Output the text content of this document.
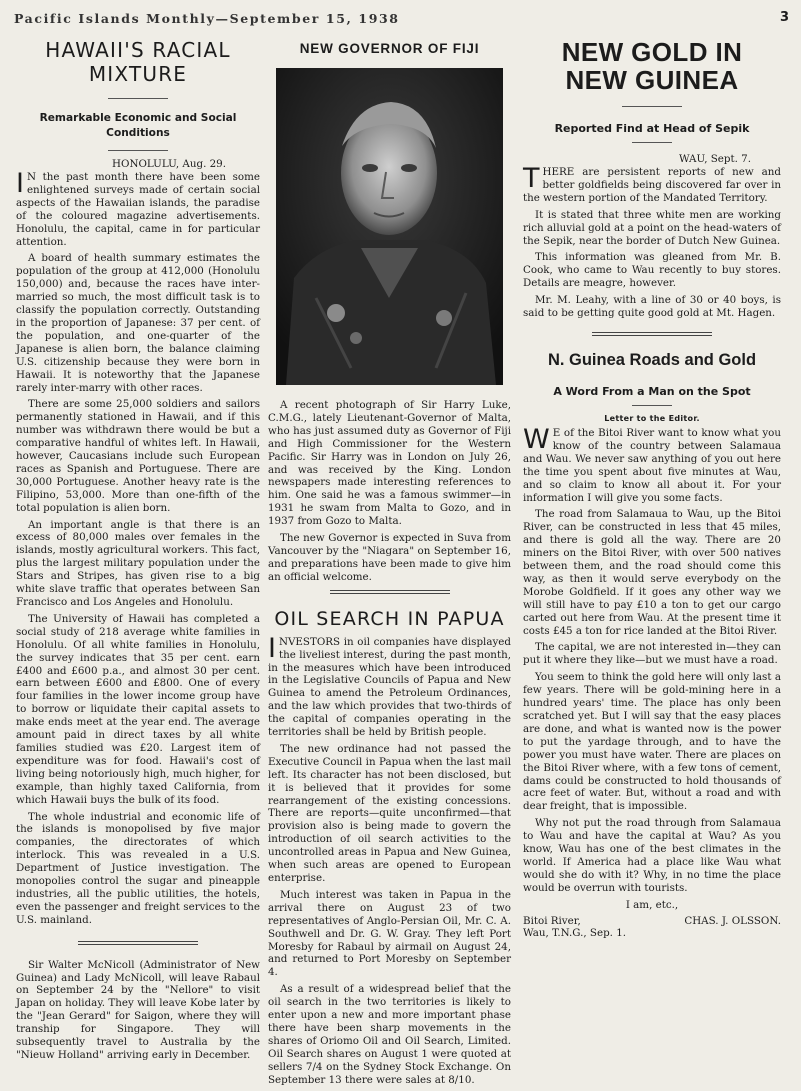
Pacific Islands Monthly—September 15, 1938	3
HAWAII'S RACIAL MIXTURE
Remarkable Economic and Social Conditions
HONOLULU, Aug. 29.

I N the past month there have been some enlightened surveys made of certain social aspects of the Hawaiian islands, the paradise of the coloured magazine advertisements. Honolulu, the capital, came in for particular attention.

A board of health summary estimates the population of the group at 412,000 (Honolulu 150,000) and, because the races have inter-married so much, the most difficult task is to classify the population correctly. Outstanding in the proportion of Japanese: 37 per cent. of the population, and one-quarter of the Japanese is alien born, the balance claiming U.S. citizenship because they were born in Hawaii. It is noteworthy that the Japanese rarely inter-marry with other races.

There are some 25,000 soldiers and sailors permanently stationed in Hawaii, and if this number was withdrawn there would be but a comparative handful of whites left. In Hawaii, however, Caucasians include such European races as Spanish and Portuguese. There are 30,000 Portuguese. Another heavy rate is the Filipino, 53,000. More than one-fifth of the total population is alien born.

An important angle is that there is an excess of 80,000 males over females in the islands, mostly agricultural workers. This fact, plus the largest military population under the Stars and Stripes, has given rise to a big white slave traffic that operates between San Francisco and Los Angeles and Honolulu.

The University of Hawaii has completed a social study of 218 average white families in Honolulu. Of all white families in Honolulu, the survey indicates that 35 per cent. earn £400 and £600 p.a., and almost 30 per cent. earn between £600 and £800. One of every four families in the lower income group have to borrow or liquidate their capital assets to make ends meet at the year end. The average amount paid in direct taxes by all white families studied was £20. Largest item of expenditure was for food. Hawaii's cost of living being notoriously high, much higher, for example, than highly taxed California, from which Hawaii buys the bulk of its food.

The whole industrial and economic life of the islands is monopolised by five major companies, the directorates of which interlock. This was revealed in a U.S. Department of Justice investigation. The monopolies control the sugar and pineapple industries, all the public utilities, the hotels, even the passenger and freight services to the U.S. mainland.

Sir Walter McNicoll (Administrator of New Guinea) and Lady McNicoll, will leave Rabaul on September 24 by the "Nellore" to visit Japan on holiday. They will leave Kobe later by the "Jean Gerard" for Saigon, where they will tranship for Singapore. They will subsequently travel to Australia by the "Nieuw Holland" arriving early in December.

NEW GOVERNOR OF FIJI

A recent photograph of Sir Harry Luke, C.M.G., lately Lieutenant-Governor of Malta, who has just assumed duty as Governor of Fiji and High Commissioner for the Western Pacific. Sir Harry was in London on July 26, and was received by the King. London newspapers made interesting references to him. One said he was a famous swimmer—in 1931 he swam from Malta to Gozo, and in 1937 from Gozo to Malta.

The new Governor is expected in Suva from Vancouver by the "Niagara" on September 16, and preparations have been made to give him an official welcome.

OIL SEARCH IN PAPUA

INVESTORS in oil companies have displayed the liveliest interest, during the past month, in the measures which have been introduced in the Legislative Councils of Papua and New Guinea to amend the Petroleum Ordinances, and the law which provides that two-thirds of the capital of companies operating in the territories shall be held by British people.

The new ordinance had not passed the Executive Council in Papua when the last mail left. Its character has not been disclosed, but it is believed that it provides for some rearrangement of the existing concessions. There are reports—quite unconfirmed—that provision also is being made to govern the introduction of oil search activities to the uncontrolled areas in Papua and New Guinea, when such areas are opened to European enterprise.

Much interest was taken in Papua in the arrival there on August 23 of two representatives of Anglo-Persian Oil, Mr. C. A. Southwell and Dr. G. W. Gray. They left Port Moresby for Rabaul by airmail on August 24, and returned to Port Moresby on September 4.

As a result of a widespread belief that the oil search in the two territories is likely to enter upon a new and more important phase there have been sharp movements in the shares of Oriomo Oil and Oil Search, Limited. Oil Search shares on August 1 were quoted at sellers 7/4 on the Sydney Stock Exchange. On September 13 there were sales at 8/10.

NEW GOLD IN NEW GUINEA
Reported Find at Head of Sepik
WAU, Sept. 7.

THERE are persistent reports of new and better goldfields being discovered far over in the western portion of the Mandated Territory.

It is stated that three white men are working rich alluvial gold at a point on the head-waters of the Sepik, near the border of Dutch New Guinea.

This information was gleaned from Mr. B. Cook, who came to Wau recently to buy stores. Details are meagre, however.

Mr. M. Leahy, with a line of 30 or 40 boys, is said to be getting quite good gold at Mt. Hagen.

N. Guinea Roads and Gold
A Word From a Man on the Spot
Letter to the Editor.

W E of the Bitoi River want to know what you know of the country between Salamaua and Wau. We never saw anything of you out here the time you spent about five minutes at Wau, and so claim to know all about it. For your information I will give you some facts.

The road from Salamaua to Wau, up the Bitoi River, can be constructed in less that 45 miles, and there is gold all the way. There are 20 miners on the Bitoi River, with over 500 natives between them, and the road should come this way, as then it would serve everybody on the Morobe Goldfield. If it goes any other way we will still have to pay £10 a ton to get our cargo carted out here from Wau. At the present time it costs £45 a ton for rice landed at the Bitoi River.

The capital, we are not interested in—they can put it where they like—but we must have a road.

You seem to think the gold here will only last a few years. There will be gold-mining here in a hundred years' time. The place has only been scratched yet. But I will say that the easy places are done, and what is wanted now is the power to put the yardage through, and to have the power you must have water. There are places on the Bitoi River where, with a few tons of cement, dams could be constructed to hold thousands of acre feet of water. But, without a road and with dear freight, that is impossible.

Why not put the road through from Salamaua to Wau and have the capital at Wau? As you know, Wau has one of the best climates in the world. If America had a place like Wau what would she do with it? Why, in no time the place would be overrun with tourists.

I am, etc.,
Bitoi River,	CHAS. J. OLSSON.
Wau, T.N.G., Sep. 1.
